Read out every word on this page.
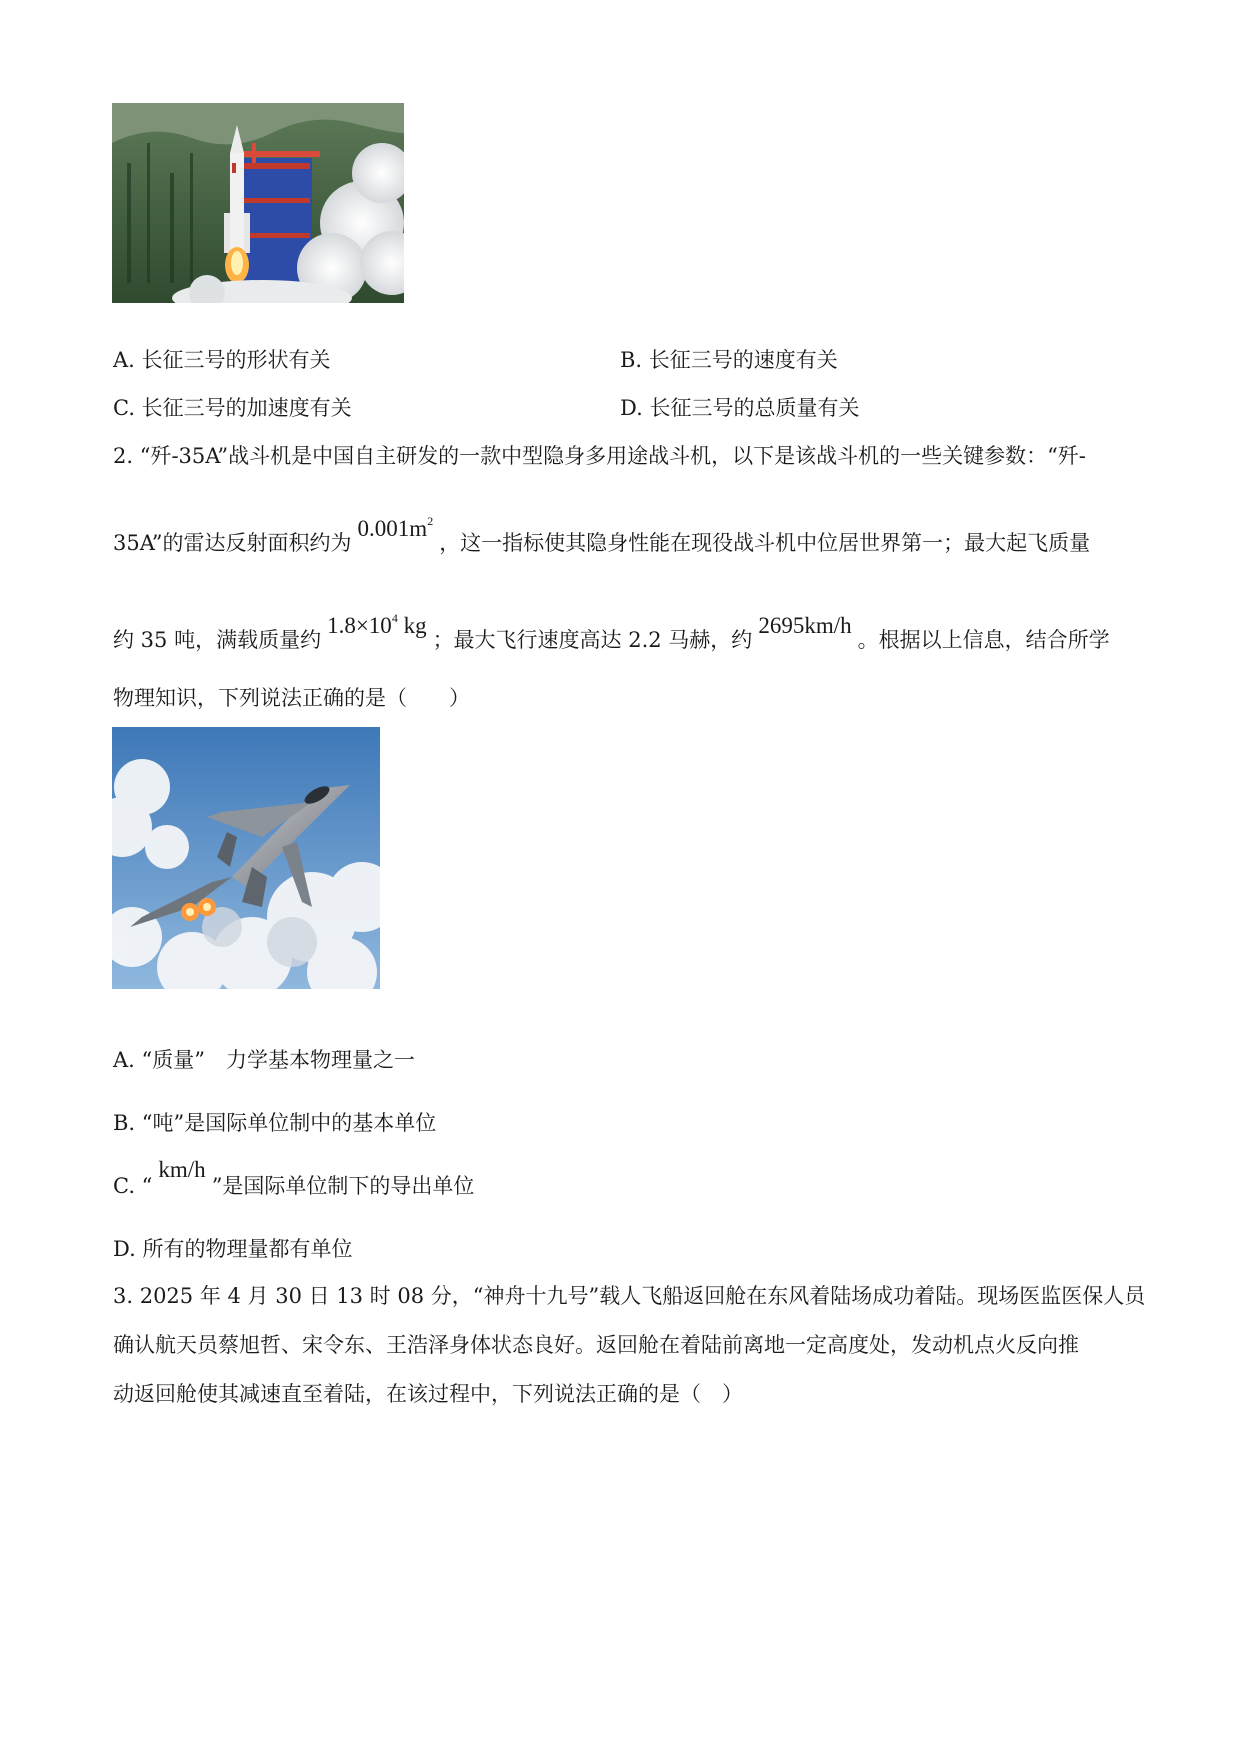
A. 长征三号的形状有关	B. 长征三号的速度有关
C. 长征三号的加速度有关	D. 长征三号的总质量有关
2. “歼-35A”战斗机是中国自主研发的一款中型隐身多用途战斗机，以下是该战斗机的一些关键参数：“歼-
35A”的雷达反射面积约为$0.001m^2$，这一指标使其隐身性能在现役战斗机中位居世界第一；最大起飞质量
约 35 吨，满载质量约$1.8\times 10^4$ kg；最大飞行速度高达 2.2 马赫，约2695km/h。根据以上信息，结合所学
物理知识，下列说法正确的是（　　）
A. “质量”　力学基本物理量之一
B. “吨”是国际单位制中的基本单位
C. “km/h”是国际单位制下的导出单位
D. 所有的物理量都有单位
3. 2025 年 4 月 30 日 13 时 08 分，“神舟十九号”载人飞船返回舱在东风着陆场成功着陆。现场医监医保人员
确认航天员蔡旭哲、宋令东、王浩泽身体状态良好。返回舱在着陆前离地一定高度处，发动机点火反向推
动返回舱使其减速直至着陆，在该过程中，下列说法正确的是（　）
